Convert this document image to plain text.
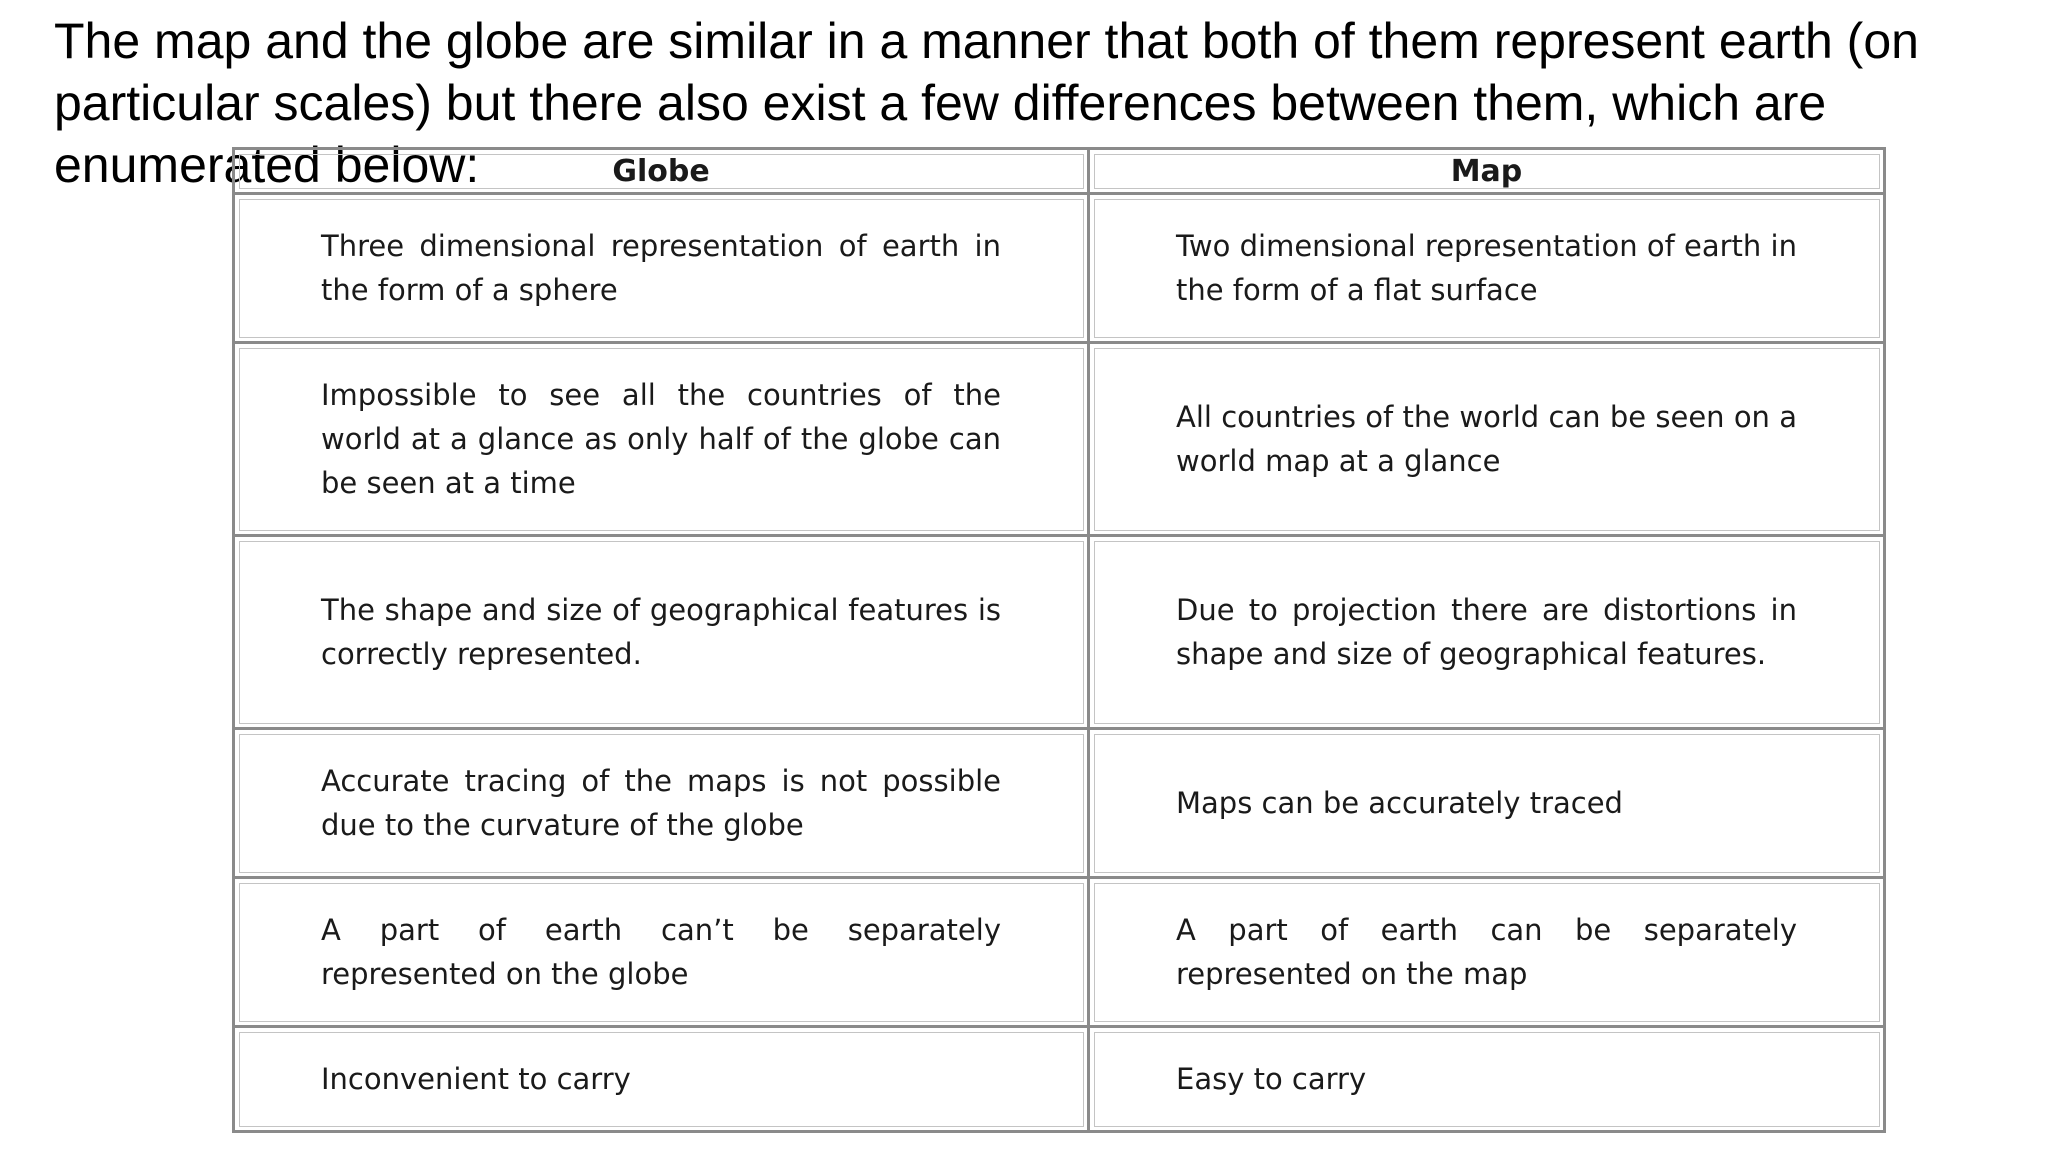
The map and the globe are similar in a manner that both of them represent earth (on particular scales) but there also exist a few differences between them, which are enumerated below:	Globe	Map

Three dimensional representation of earth in the form of a sphere	Two dimensional representation of earth in the form of a flat surface

Impossible to see all the countries of the world at a glance as only half of the globe can be seen at a time	All countries of the world can be seen on a world map at a glance

The shape and size of geographical features is correctly represented.	Due to projection there are distortions in shape and size of geographical features.

Accurate tracing of the maps is not possible due to the curvature of the globe	Maps can be accurately traced

A part of earth can’t be separately represented on the globe	A part of earth can be separately represented on the map

Inconvenient to carry	Easy to carry
